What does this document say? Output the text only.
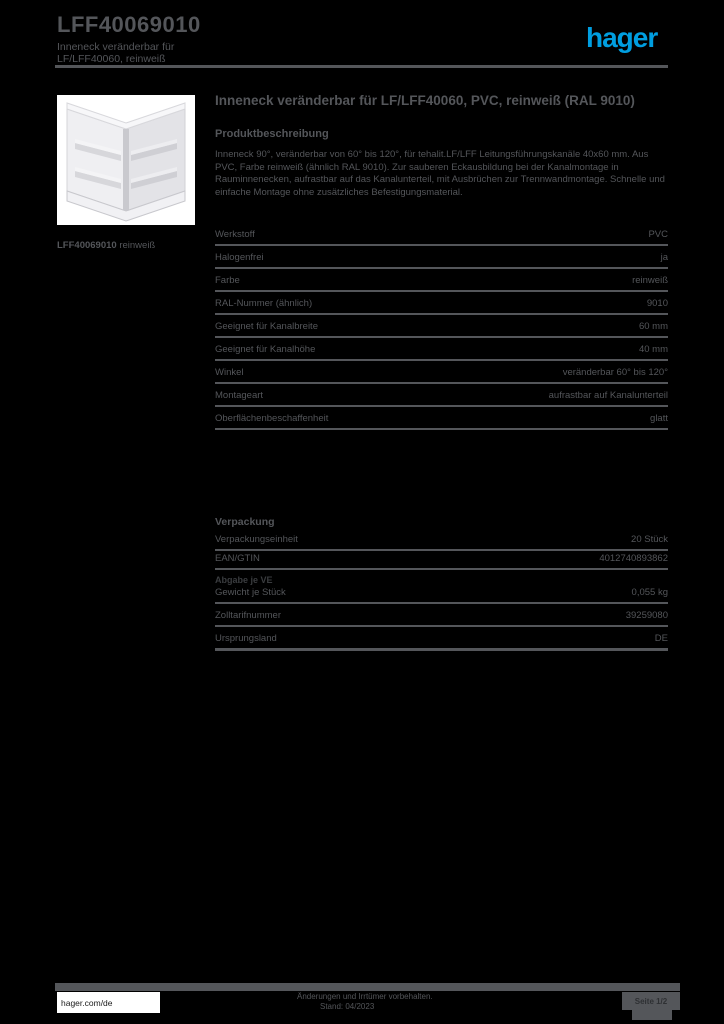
LFF40069010
Inneneck veränderbar für
LF/LFF40060, reinweiß
hager
LFF40069010 reinweiß
Inneneck veränderbar für LF/LFF40060, PVC, reinweiß (RAL 9010)
Produktbeschreibung
Inneneck 90°, veränderbar von 60° bis 120°, für tehalit.LF/LFF Leitungsführungskanäle 40x60 mm. Aus PVC, Farbe reinweiß (ähnlich RAL 9010). Zur sauberen Eckausbildung bei der Kanalmontage in Rauminnenecken, aufrastbar auf das Kanalunterteil, mit Ausbrüchen zur Trennwandmontage. Schnelle und einfache Montage ohne zusätzliches Befestigungsmaterial.
Werkstoff	PVC
Halogenfrei	ja
Farbe	reinweiß
RAL-Nummer (ähnlich)	9010
Geeignet für Kanalbreite	60 mm
Geeignet für Kanalhöhe	40 mm
Winkel	veränderbar 60° bis 120°
Montageart	aufrastbar auf Kanalunterteil
Oberflächenbeschaffenheit	glatt
Verpackung
Verpackungseinheit	20 Stück
EAN/GTIN	4012740893862
Abgabe je VE
Gewicht je Stück	0,055 kg
Zolltarifnummer	39259080
Ursprungsland	DE
hager.com/de
Änderungen und Irrtümer vorbehalten.
Stand: 04/2023
Seite 1/2
